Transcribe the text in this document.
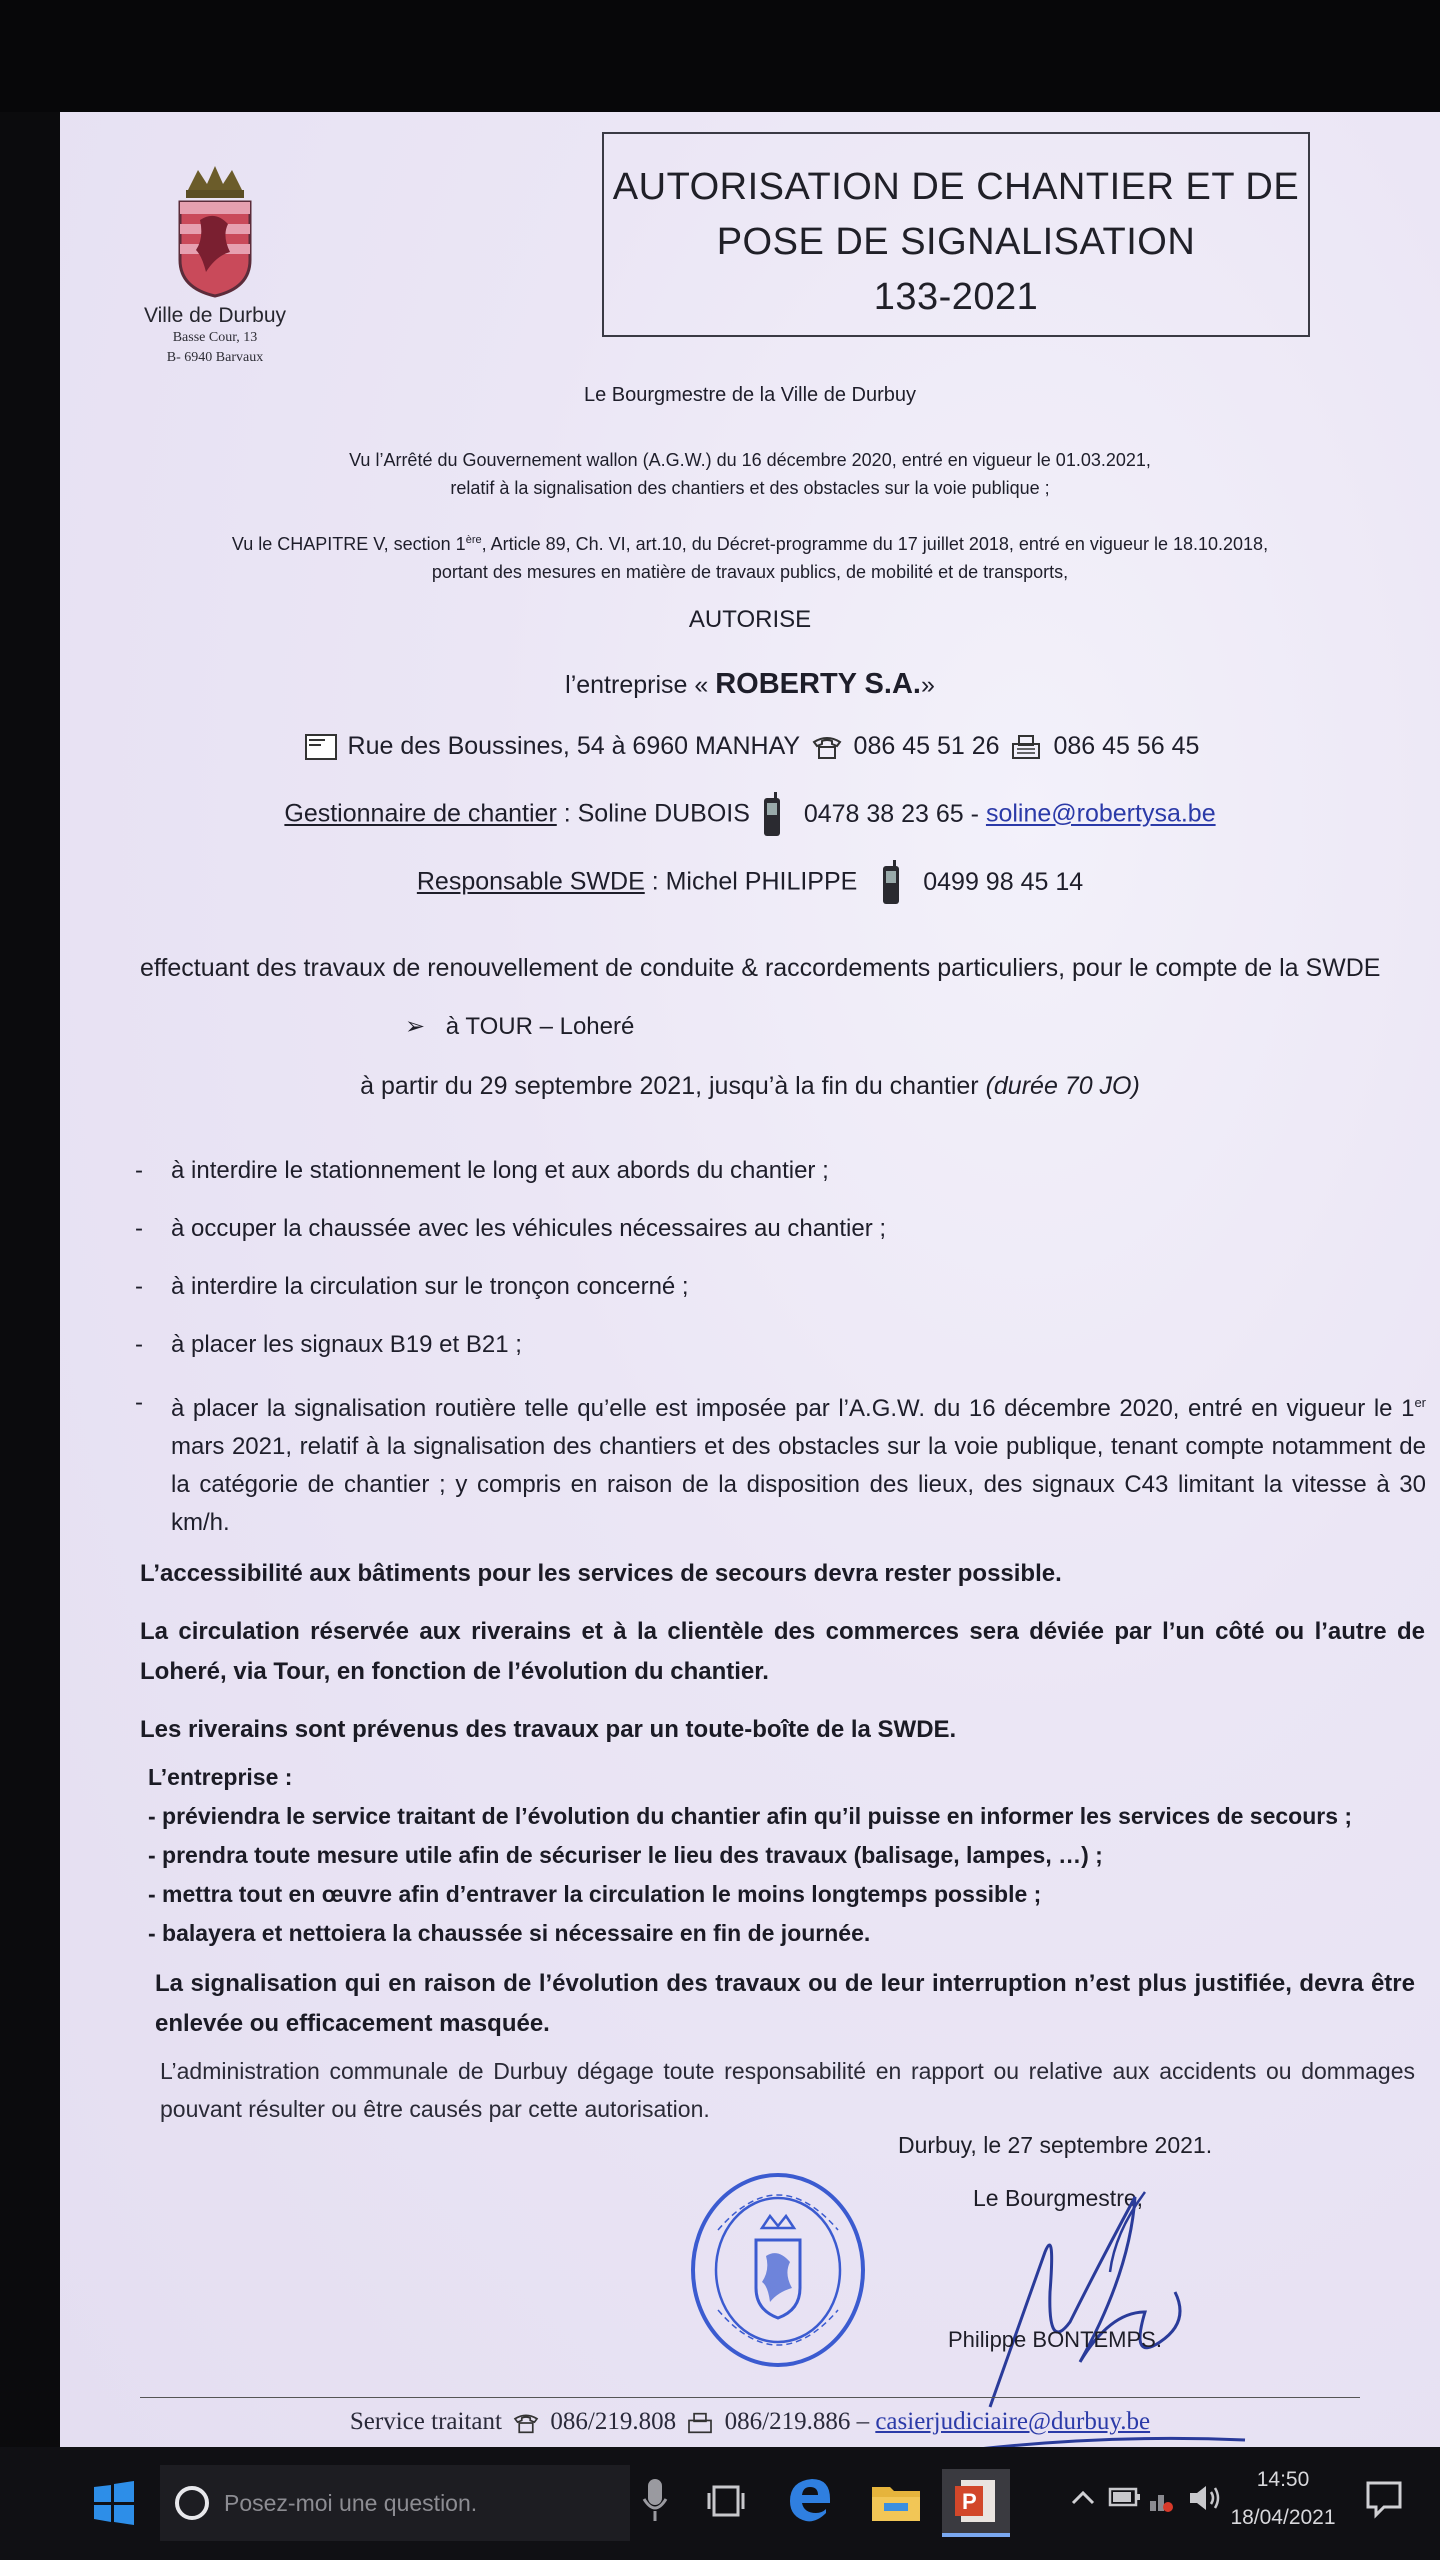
Ville de Durbuy
Basse Cour, 13
B- 6940 Barvaux
AUTORISATION DE CHANTIER ET DE
POSE DE SIGNALISATION
133-2021
Le Bourgmestre de la Ville de Durbuy
Vu l’Arrêté du Gouvernement wallon (A.G.W.) du 16 décembre 2020, entré en vigueur le 01.03.2021,
relatif à la signalisation des chantiers et des obstacles sur la voie publique ;
Vu le CHAPITRE V, section 1ère, Article 89, Ch. VI, art.10, du Décret-programme du 17 juillet 2018, entré en vigueur le 18.10.2018,
portant des mesures en matière de travaux publics, de mobilité et de transports,
AUTORISE
l’entreprise « ROBERTY S.A.»
Rue des Boussines, 54 à 6960 MANHAY 086 45 51 26 086 45 56 45
Gestionnaire de chantier : Soline DUBOIS 0478 38 23 65 - soline@robertysa.be
Responsable SWDE : Michel PHILIPPE	0499 98 45 14
effectuant des travaux de renouvellement de conduite & raccordements particuliers, pour le compte de la SWDE
➢ à TOUR – Loheré
à partir du 29 septembre 2021, jusqu’à la fin du chantier (durée 70 JO)
- à interdire le stationnement le long et aux abords du chantier ;
- à occuper la chaussée avec les véhicules nécessaires au chantier ;
- à interdire la circulation sur le tronçon concerné ;
- à placer les signaux B19 et B21 ;
- à placer la signalisation routière telle qu’elle est imposée par l’A.G.W. du 16 décembre 2020, entré en vigueur le 1er mars 2021, relatif à la signalisation des chantiers et des obstacles sur la voie publique, tenant compte notamment de la catégorie de chantier ; y compris en raison de la disposition des lieux, des signaux C43 limitant la vitesse à 30 km/h.
L’accessibilité aux bâtiments pour les services de secours devra rester possible.
La circulation réservée aux riverains et à la clientèle des commerces sera déviée par l’un côté ou l’autre de Loheré, via Tour, en fonction de l’évolution du chantier.
Les riverains sont prévenus des travaux par un toute-boîte de la SWDE.
L’entreprise :
- préviendra le service traitant de l’évolution du chantier afin qu’il puisse en informer les services de secours ;
- prendra toute mesure utile afin de sécuriser le lieu des travaux (balisage, lampes, …) ;
- mettra tout en œuvre afin d’entraver la circulation le moins longtemps possible ;
- balayera et nettoiera la chaussée si nécessaire en fin de journée.
La signalisation qui en raison de l’évolution des travaux ou de leur interruption n’est plus justifiée, devra être enlevée ou efficacement masquée.
L’administration communale de Durbuy dégage toute responsabilité en rapport ou relative aux accidents ou dommages pouvant résulter ou être causés par cette autorisation.
Durbuy, le 27 septembre 2021.
Le Bourgmestre,
Philippe BONTEMPS.
Service traitant 086/219.808 086/219.886 – casierjudiciaire@durbuy.be
Posez-moi une question.	P
14:50
18/04/2021
